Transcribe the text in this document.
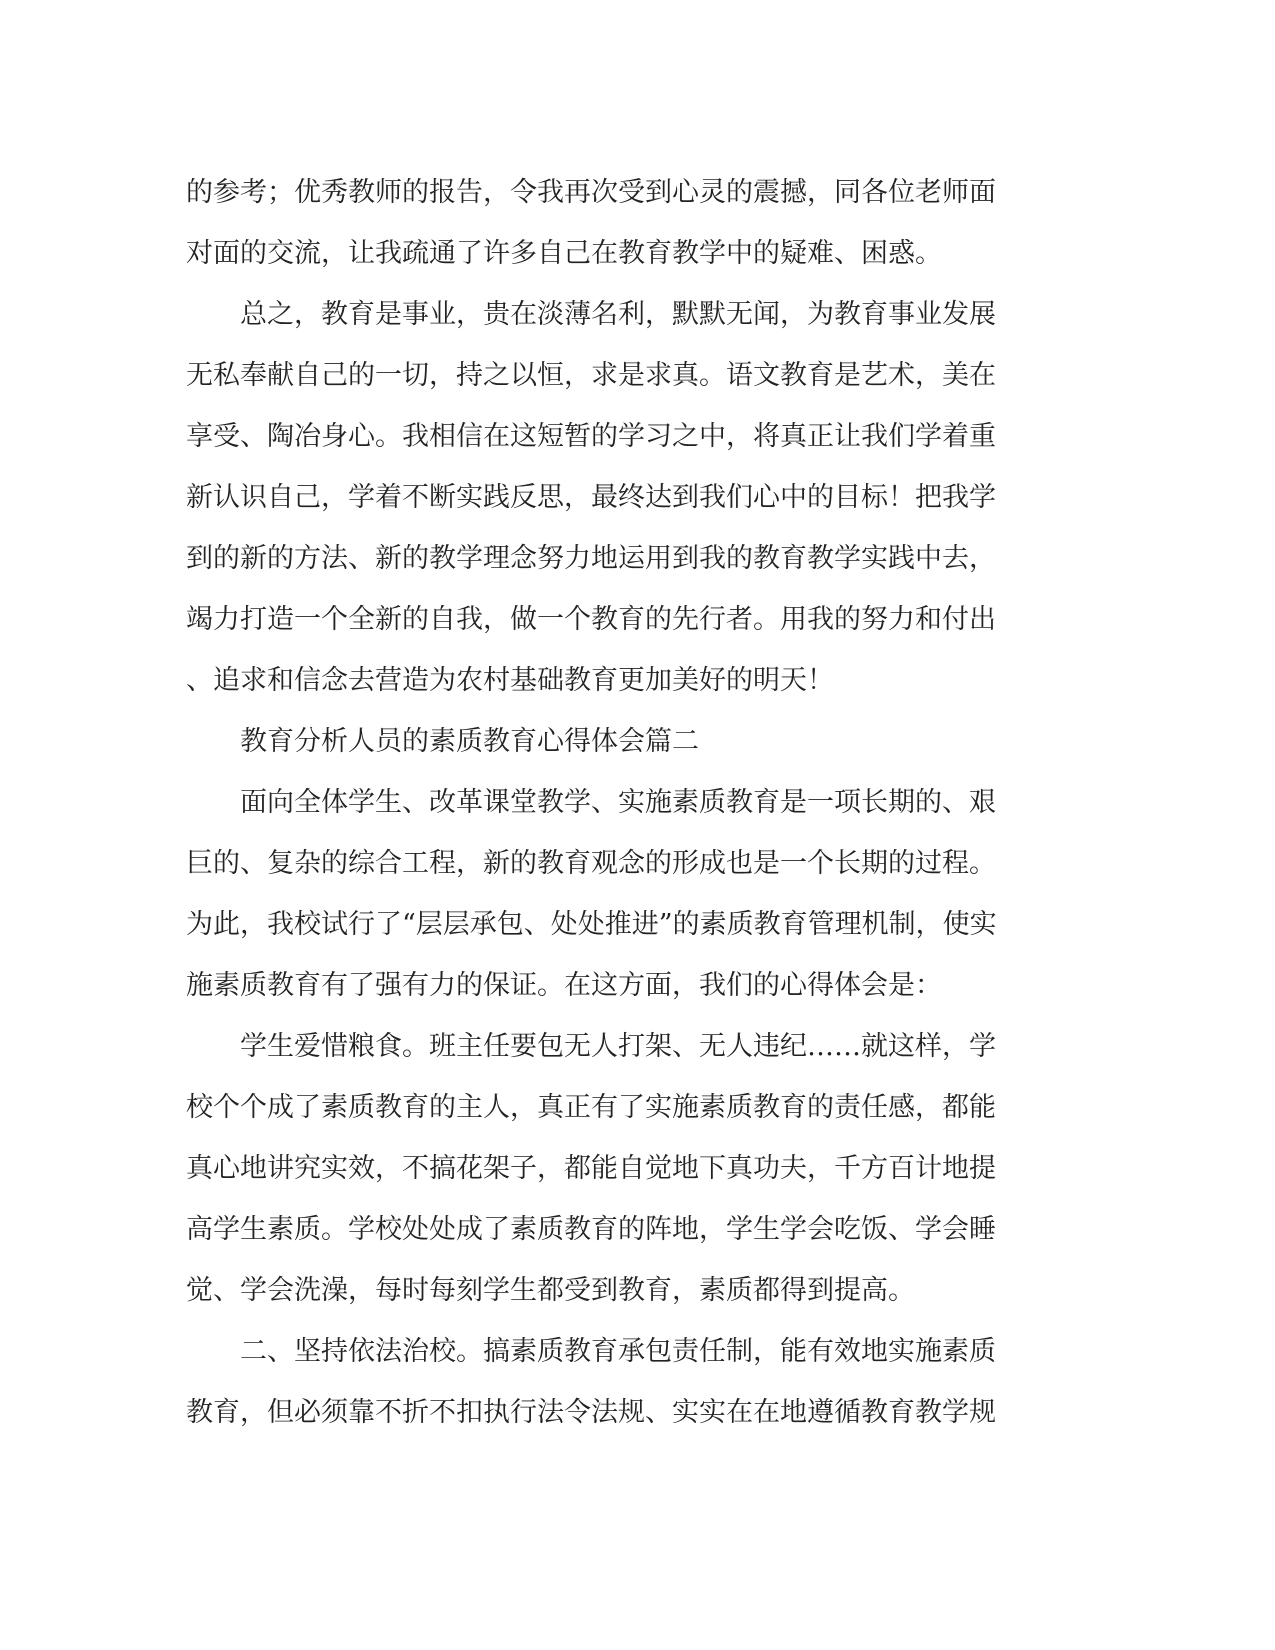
的参考；优秀教师的报告，令我再次受到心灵的震撼，同各位老师面
对面的交流，让我疏通了许多自己在教育教学中的疑难、困惑。
　　总之，教育是事业，贵在淡薄名利，默默无闻，为教育事业发展
无私奉献自己的一切，持之以恒，求是求真。语文教育是艺术，美在
享受、陶冶身心。我相信在这短暂的学习之中，将真正让我们学着重
新认识自己，学着不断实践反思，最终达到我们心中的目标！把我学
到的新的方法、新的教学理念努力地运用到我的教育教学实践中去，
竭力打造一个全新的自我，做一个教育的先行者。用我的努力和付出
、追求和信念去营造为农村基础教育更加美好的明天！
　　教育分析人员的素质教育心得体会篇二
　　面向全体学生、改革课堂教学、实施素质教育是一项长期的、艰
巨的、复杂的综合工程，新的教育观念的形成也是一个长期的过程。
为此，我校试行了“层层承包、处处推进”的素质教育管理机制，使实
施素质教育有了强有力的保证。在这方面，我们的心得体会是：
　　学生爱惜粮食。班主任要包无人打架、无人违纪……就这样，学
校个个成了素质教育的主人，真正有了实施素质教育的责任感，都能
真心地讲究实效，不搞花架子，都能自觉地下真功夫，千方百计地提
高学生素质。学校处处成了素质教育的阵地，学生学会吃饭、学会睡
觉、学会洗澡，每时每刻学生都受到教育，素质都得到提高。
　　二、坚持依法治校。搞素质教育承包责任制，能有效地实施素质
教育，但必须靠不折不扣执行法令法规、实实在在地遵循教育教学规
